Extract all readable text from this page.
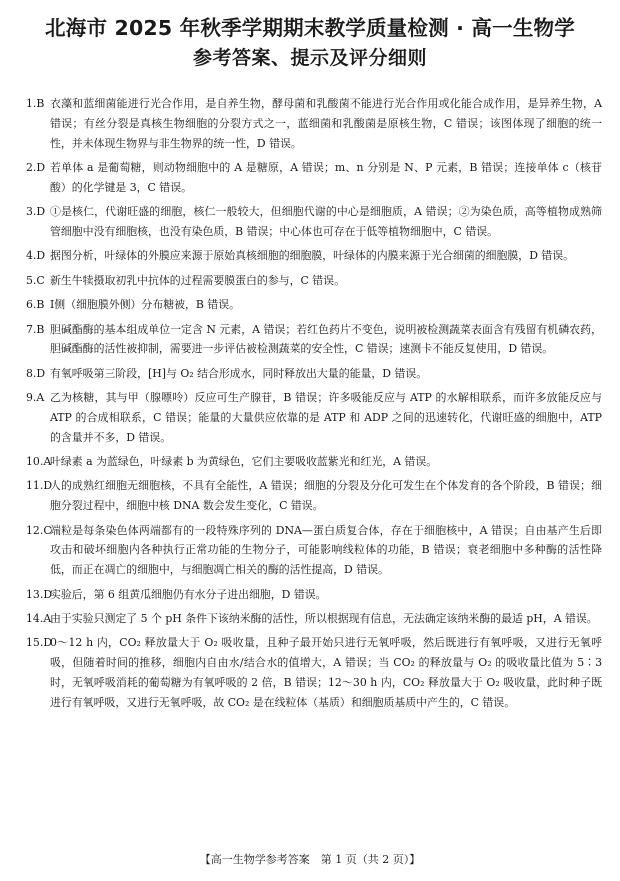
北海市 2025 年秋季学期期末教学质量检测 · 高一生物学
参考答案、提示及评分细则
1.B 衣藻和蓝细菌能进行光合作用，是自养生物，酵母菌和乳酸菌不能进行光合作用或化能合成作用，是异养生物，A 错误；有丝分裂是真核生物细胞的分裂方式之一，蓝细菌和乳酸菌是原核生物，C 错误；该图体现了细胞的统一性，并未体现生物界与非生物界的统一性，D 错误。
2.D 若单体 a 是葡萄糖，则动物细胞中的 A 是糖原，A 错误；m、n 分别是 N、P 元素，B 错误；连接单体 c（核苷酸）的化学键是 3，C 错误。
3.D ①是核仁，代谢旺盛的细胞，核仁一般较大，但细胞代谢的中心是细胞质，A 错误；②为染色质，高等植物成熟筛管细胞中没有细胞核，也没有染色质，B 错误；中心体也可存在于低等植物细胞中，C 错误。
4.D 据图分析，叶绿体的外膜应来源于原始真核细胞的细胞膜，叶绿体的内膜来源于光合细菌的细胞膜，D 错误。
5.C 新生牛犊摄取初乳中抗体的过程需要膜蛋白的参与，C 错误。
6.B Ⅰ侧（细胞膜外侧）分布糖被，B 错误。
7.B 胆碱酯酶的基本组成单位一定含 N 元素，A 错误；若红色药片不变色，说明被检测蔬菜表面含有残留有机磷农药，胆碱酯酶的活性被抑制，需要进一步评估被检测蔬菜的安全性，C 错误；速测卡不能反复使用，D 错误。
8.D 有氧呼吸第三阶段，[H]与 O₂ 结合形成水，同时释放出大量的能量，D 错误。
9.A 乙为核糖，其与甲（腺嘌呤）反应可生产腺苷，B 错误；许多吸能反应与 ATP 的水解相联系，而许多放能反应与 ATP 的合成相联系，C 错误；能量的大量供应依靠的是 ATP 和 ADP 之间的迅速转化，代谢旺盛的细胞中，ATP 的含量并不多，D 错误。
10.A
叶绿素 a 为蓝绿色，叶绿素 b 为黄绿色，它们主要吸收蓝紫光和红光，A 错误。
11.D
人的成熟红细胞无细胞核，不具有全能性，A 错误；细胞的分裂及分化可发生在个体发育的各个阶段，B 错误；细胞分裂过程中，细胞中核 DNA 数会发生变化，C 错误。
12.C
端粒是每条染色体两端都有的一段特殊序列的 DNA—蛋白质复合体，存在于细胞核中，A 错误；自由基产生后即攻击和破坏细胞内各种执行正常功能的生物分子，可能影响线粒体的功能，B 错误；衰老细胞中多种酶的活性降低，而正在凋亡的细胞中，与细胞凋亡相关的酶的活性提高，D 错误。
13.D
实验后，第 6 组黄瓜细胞仍有水分子进出细胞，D 错误。
14.A
由于实验只测定了 5 个 pH 条件下该纳米酶的活性，所以根据现有信息，无法确定该纳米酶的最适 pH，A 错误。
15.D
0～12 h 内，CO₂ 释放量大于 O₂ 吸收量，且种子最开始只进行无氧呼吸，然后既进行有氧呼吸，又进行无氧呼吸，但随着时间的推移，细胞内自由水/结合水的值增大，A 错误；当 CO₂ 的释放量与 O₂ 的吸收量比值为 5∶3 时，无氧呼吸消耗的葡萄糖为有氧呼吸的 2 倍，B 错误；12～30 h 内，CO₂ 释放量大于 O₂ 吸收量，此时种子既进行有氧呼吸，又进行无氧呼吸，故 CO₂ 是在线粒体（基质）和细胞质基质中产生的，C 错误。
【高一生物学参考答案　第 1 页（共 2 页）】
